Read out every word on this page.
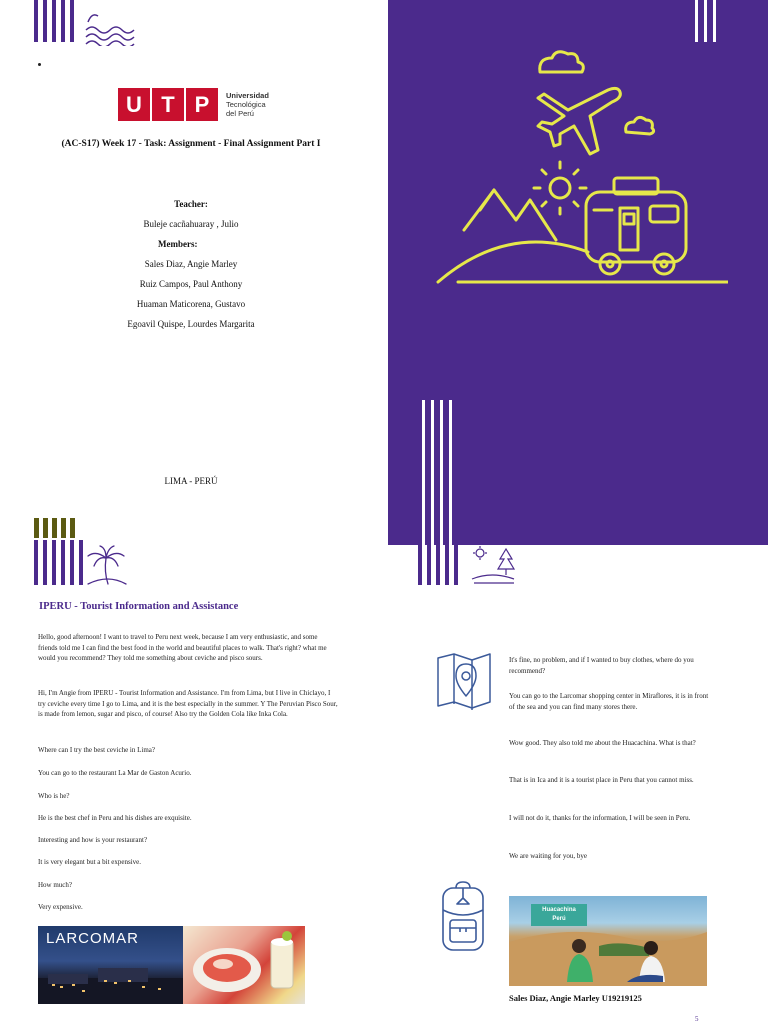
U T P	Universidad
Tecnológica
del Perú
(AC-S17) Week 17 - Task: Assignment - Final Assignment Part I
Teacher:
Buleje cacñahuaray , Julio
Members:
Sales Diaz, Angie Marley
Ruiz Campos, Paul Anthony
Huaman Maticorena, Gustavo
Egoavil Quispe, Lourdes Margarita
LIMA - PERÚ
IPERU - Tourist Information and Assistance
Hello, good afternoon! I want to travel to Peru next week, because I am very enthusiastic, and some friends told me I can find the best food in the world and beautiful places to walk. That's right? what me would you recommend? They told me something about ceviche and pisco sours.
Hi, I'm Angie from IPERU - Tourist Information and Assistance. I'm from Lima, but I live in Chiclayo, I try ceviche every time I go to Lima, and it is the best especially in the summer. Y The Peruvian Pisco Sour, is made from lemon, sugar and pisco, of course! Also try the Golden Cola like Inka Cola.
Where can I try the best ceviche in Lima?
You can go to the restaurant La Mar de Gaston Acurio.
Who is he?
He is the best chef in Peru and his dishes are exquisite.
Interesting and how is your restaurant?
It is very elegant but a bit expensive.
How much?
Very expensive.
LARCOMAR
It's fine, no problem, and if I wanted to buy clothes, where do you recommend?
You can go to the Larcomar shopping center in Miraflores, it is in front of the sea and you can find many stores there.
Wow good. They also told me about the Huacachina. What is that?
That is in Ica and it is a tourist place in Peru that you cannot miss.
I will not do it, thanks for the information, I will be seen in Peru.
We are waiting for you, bye
Huacachina
Perú
Sales Diaz, Angie Marley U19219125
5
